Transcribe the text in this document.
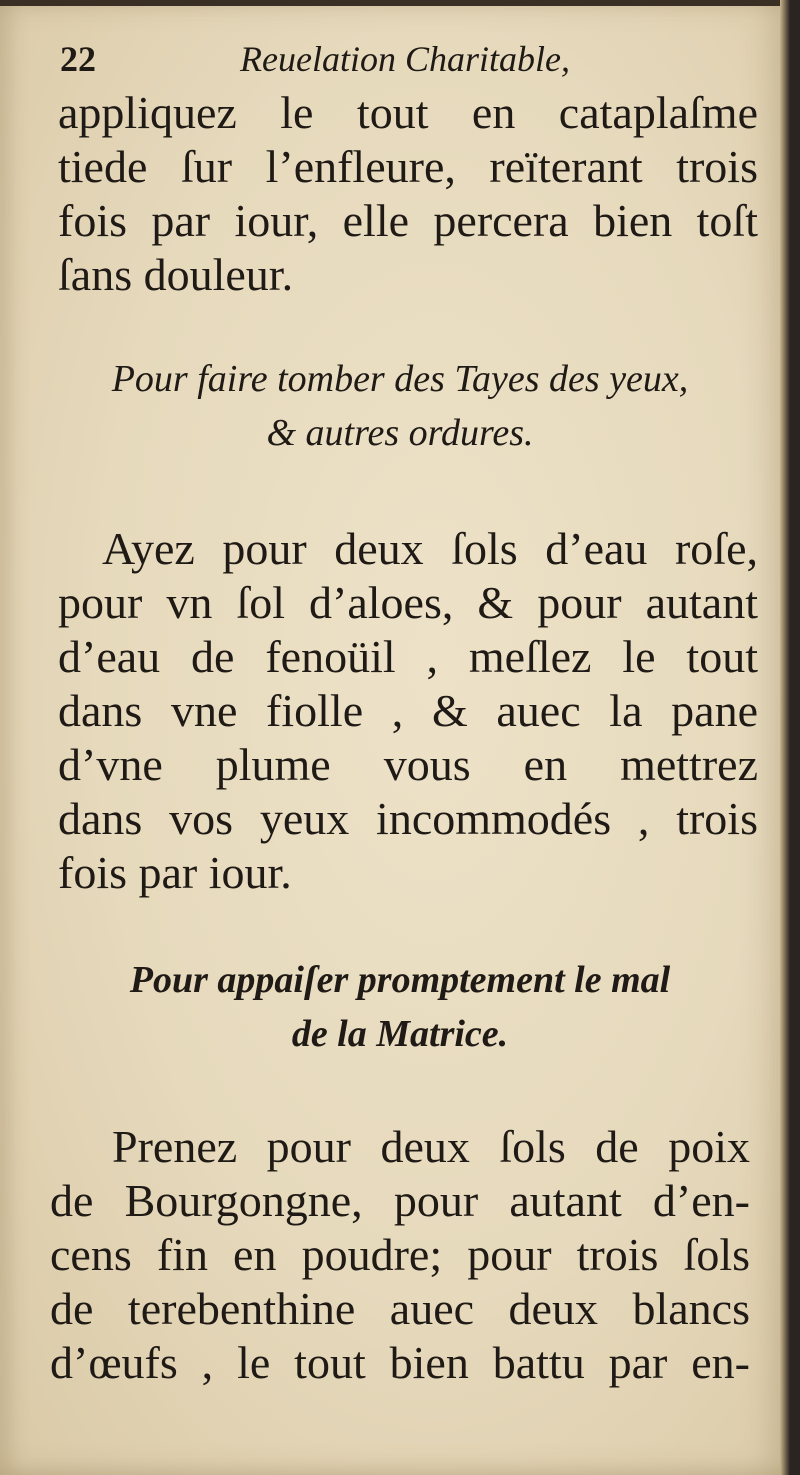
22	Reuelation Charitable,
appliquez le tout en cataplaſme
tiede ſur l’enfleure, reïterant trois
fois par iour, elle percera bien toſt
ſans douleur.
Pour faire tomber des Tayes des yeux,
& autres ordures.
Ayez pour deux ſols d’eau roſe,
pour vn ſol d’aloes, & pour autant
d’eau de fenoüil , meſlez le tout
dans vne fiolle , & auec la pane
d’vne plume vous en mettrez
dans vos yeux incommodés , trois
fois par iour.
Pour appaiſer promptement le mal
de la Matrice.
Prenez pour deux ſols de poix
de Bourgongne, pour autant d’en-
cens fin en poudre; pour trois ſols
de terebenthine auec deux blancs
d’œufs , le tout bien battu par en-
